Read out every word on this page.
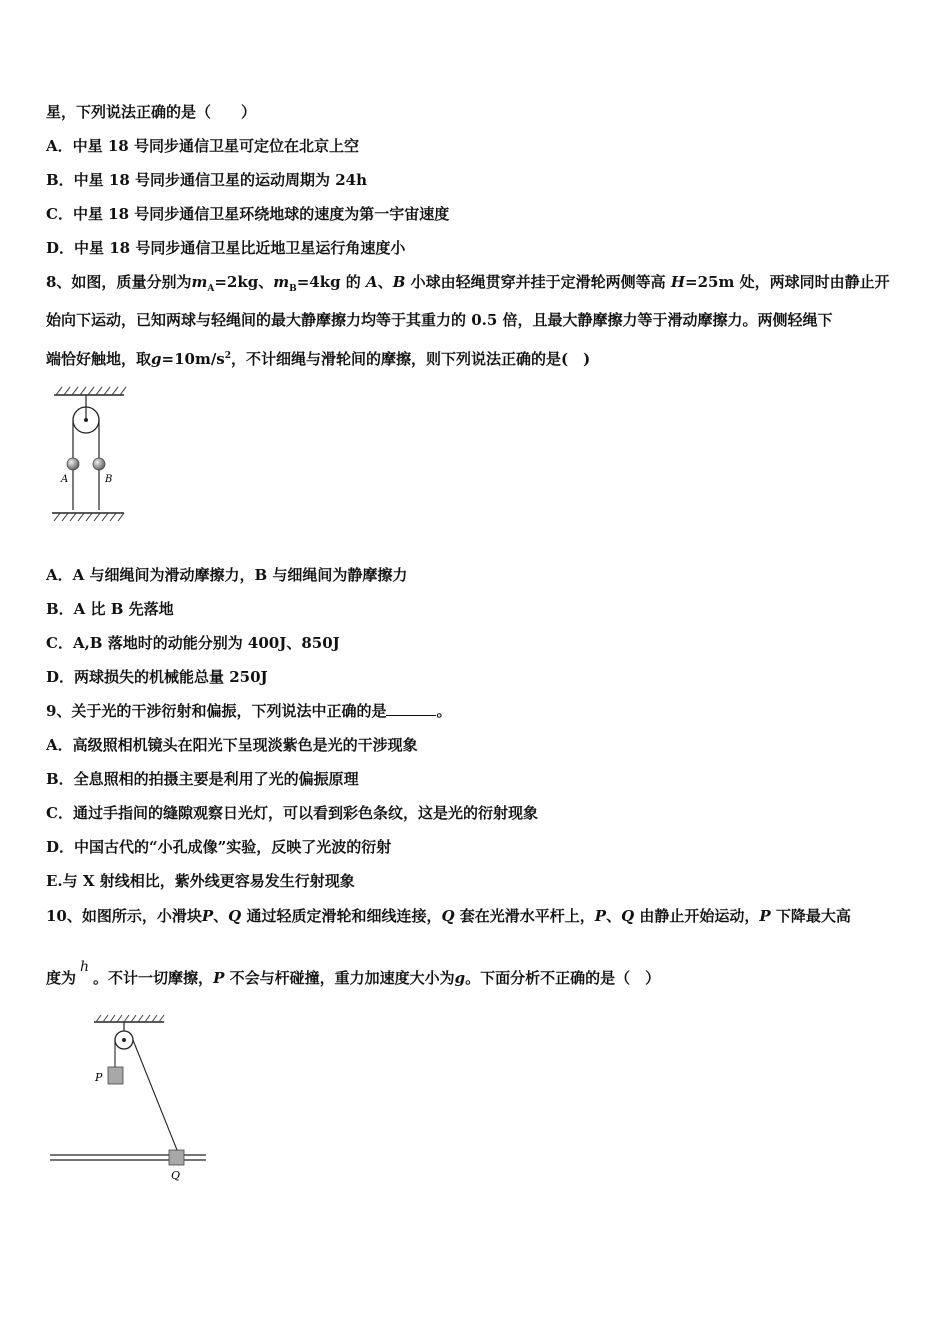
星，下列说法正确的是（　　）
A．中星 18 号同步通信卫星可定位在北京上空
B．中星 18 号同步通信卫星的运动周期为 24h
C．中星 18 号同步通信卫星环绕地球的速度为第一宇宙速度
D．中星 18 号同步通信卫星比近地卫星运行角速度小
8、如图，质量分别为$m_A=2kg$、$m_B=4kg$ 的 A、B 小球由轻绳贯穿并挂于定滑轮两侧等高 H=25m 处，两球同时由静止开
始向下运动，已知两球与轻绳间的最大静摩擦力均等于其重力的 0.5 倍，且最大静摩擦力等于滑动摩擦力。两侧轻绳下
端恰好触地，取$g=10m/s^2$，不计细绳与滑轮间的摩擦，则下列说法正确的是(　)
A	B
A．A 与细绳间为滑动摩擦力，B 与细绳间为静摩擦力
B．A 比 B 先落地
C．A,B 落地时的动能分别为 400J、850J
D．两球损失的机械能总量 250J
9、关于光的干涉衍射和偏振，下列说法中正确的是	。
A．高级照相机镜头在阳光下呈现淡紫色是光的干涉现象
B．全息照相的拍摄主要是利用了光的偏振原理
C．通过手指间的缝隙观察日光灯，可以看到彩色条纹，这是光的衍射现象
D．中国古代的“小孔成像”实验，反映了光波的衍射
E.与 X 射线相比，紫外线更容易发生行射现象
10、如图所示，小滑块P、Q 通过轻质定滑轮和细线连接，Q 套在光滑水平杆上，P、Q 由静止开始运动，P 下降最大高
度为h。不计一切摩擦，P 不会与杆碰撞，重力加速度大小为g。下面分析不正确的是（　）
P
Q
